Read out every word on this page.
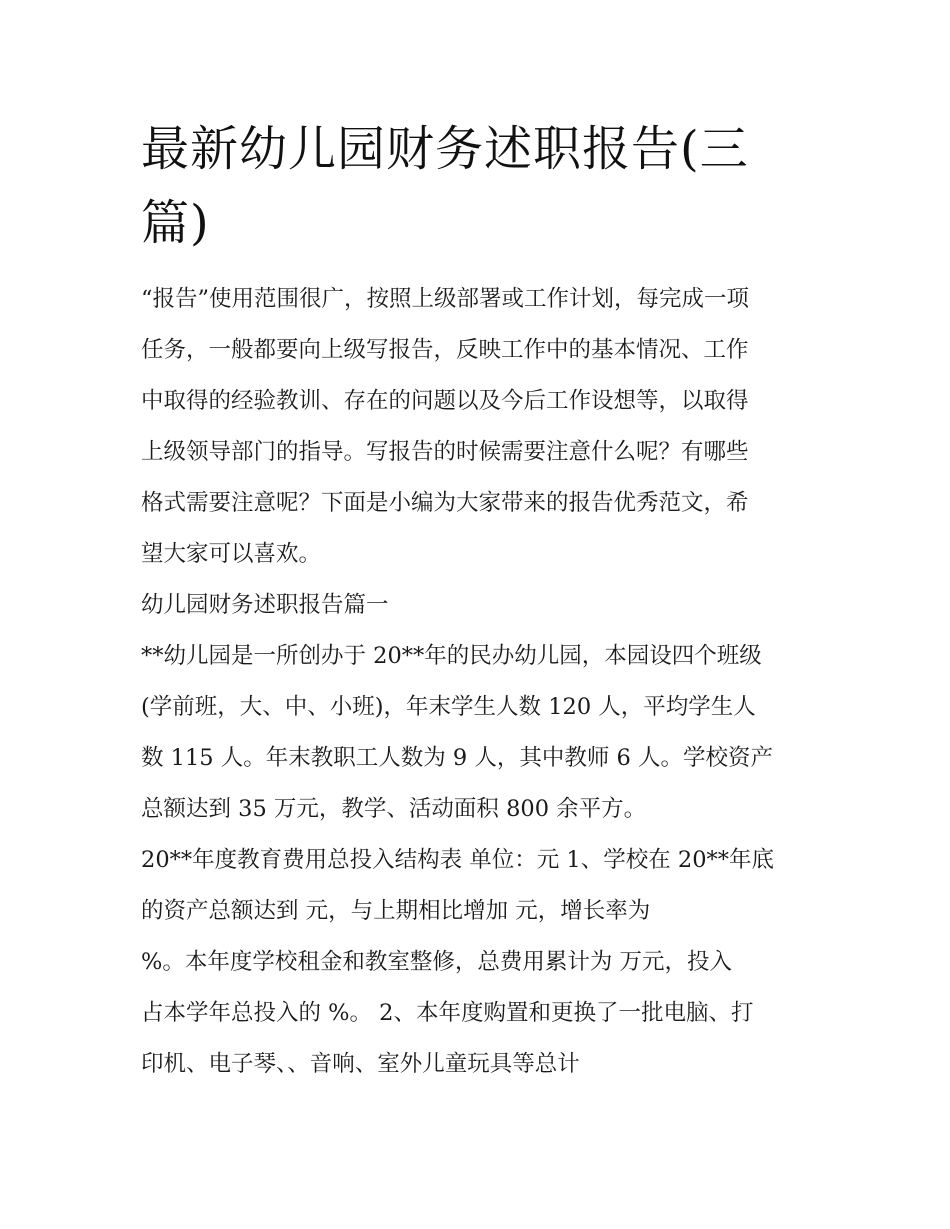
最新幼儿园财务述职报告(三
篇)

“报告”使用范围很广，按照上级部署或工作计划，每完成一项
任务，一般都要向上级写报告，反映工作中的基本情况、工作
中取得的经验教训、存在的问题以及今后工作设想等，以取得
上级领导部门的指导。写报告的时候需要注意什么呢？有哪些
格式需要注意呢？下面是小编为大家带来的报告优秀范文，希
望大家可以喜欢。

幼儿园财务述职报告篇一

**幼儿园是一所创办于 20**年的民办幼儿园，本园设四个班级
(学前班，大、中、小班)，年末学生人数 120 人，平均学生人
数 115 人。年末教职工人数为 9 人，其中教师 6 人。学校资产
总额达到 35 万元，教学、活动面积 800 余平方。

20**年度教育费用总投入结构表 单位：元 1、学校在 20**年底
的资产总额达到 元，与上期相比增加 元，增长率为
%。本年度学校租金和教室整修，总费用累计为 万元，投入
占本学年总投入的 %。 2、本年度购置和更换了一批电脑、打
印机、电子琴、、音响、室外儿童玩具等总计
